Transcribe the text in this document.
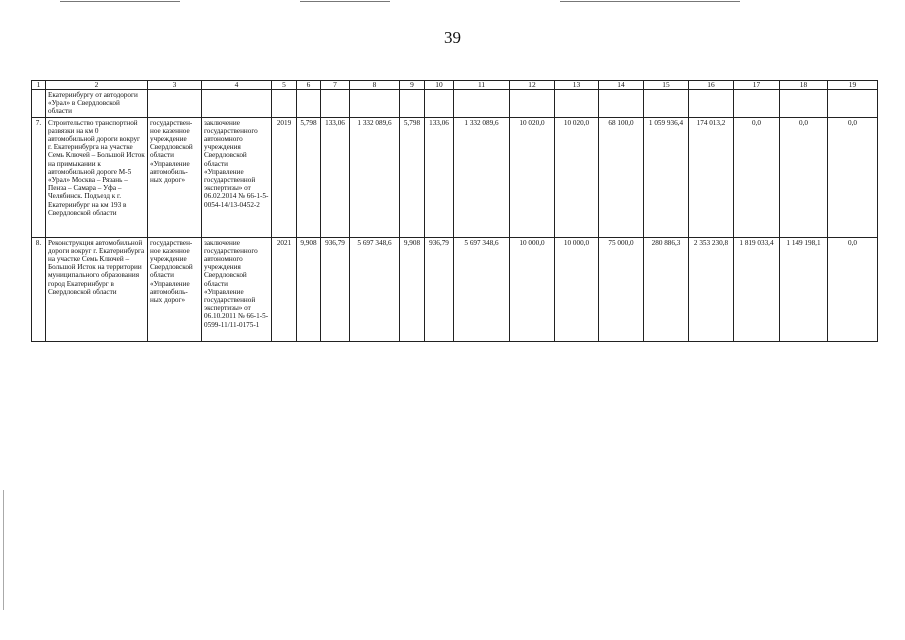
39
1	2	3	4	5	6	7	8	9	10	11	12	13	14	15	16	17	18	19
	Екатеринбургу от автодороги «Урал» в Свердловской области																	
7.	Строительство транспортной развязки на км 0 автомобильной дороги вокруг г. Екатеринбурга на участке Семь Ключей – Большой Исток на примыкании к автомобильной дороге М-5 «Урал» Москва – Рязань – Пенза – Самара – Уфа – Челябинск. Подъезд к г. Екатеринбург на км 193 в Свердловской области	государствен-ное казенное учреждение Свердловской области «Управление автомобиль-ных дорог»	заключение государственного автономного учреждения Свердловской области «Управление государственной экспертизы» от 06.02.2014 № 66-1-5-0054-14/13-0452-2	2019	5,798	133,06	1 332 089,6	5,798	133,06	1 332 089,6	10 020,0	10 020,0	68 100,0	1 059 936,4	174 013,2	0,0	0,0	0,0
8.	Реконструкция автомобильной дороги вокруг г. Екатеринбурга на участке Семь Ключей – Большой Исток на территории муниципального образования город Екатеринбург в Свердловской области	государствен-ное казенное учреждение Свердловской области «Управление автомобиль-ных дорог»	заключение государственного автономного учреждения Свердловской области «Управление государственной экспертизы» от 06.10.2011 № 66-1-5-0599-11/11-0175-1	2021	9,908	936,79	5 697 348,6	9,908	936,79	5 697 348,6	10 000,0	10 000,0	75 000,0	280 886,3	2 353 230,8	1 819 033,4	1 149 198,1	0,0
